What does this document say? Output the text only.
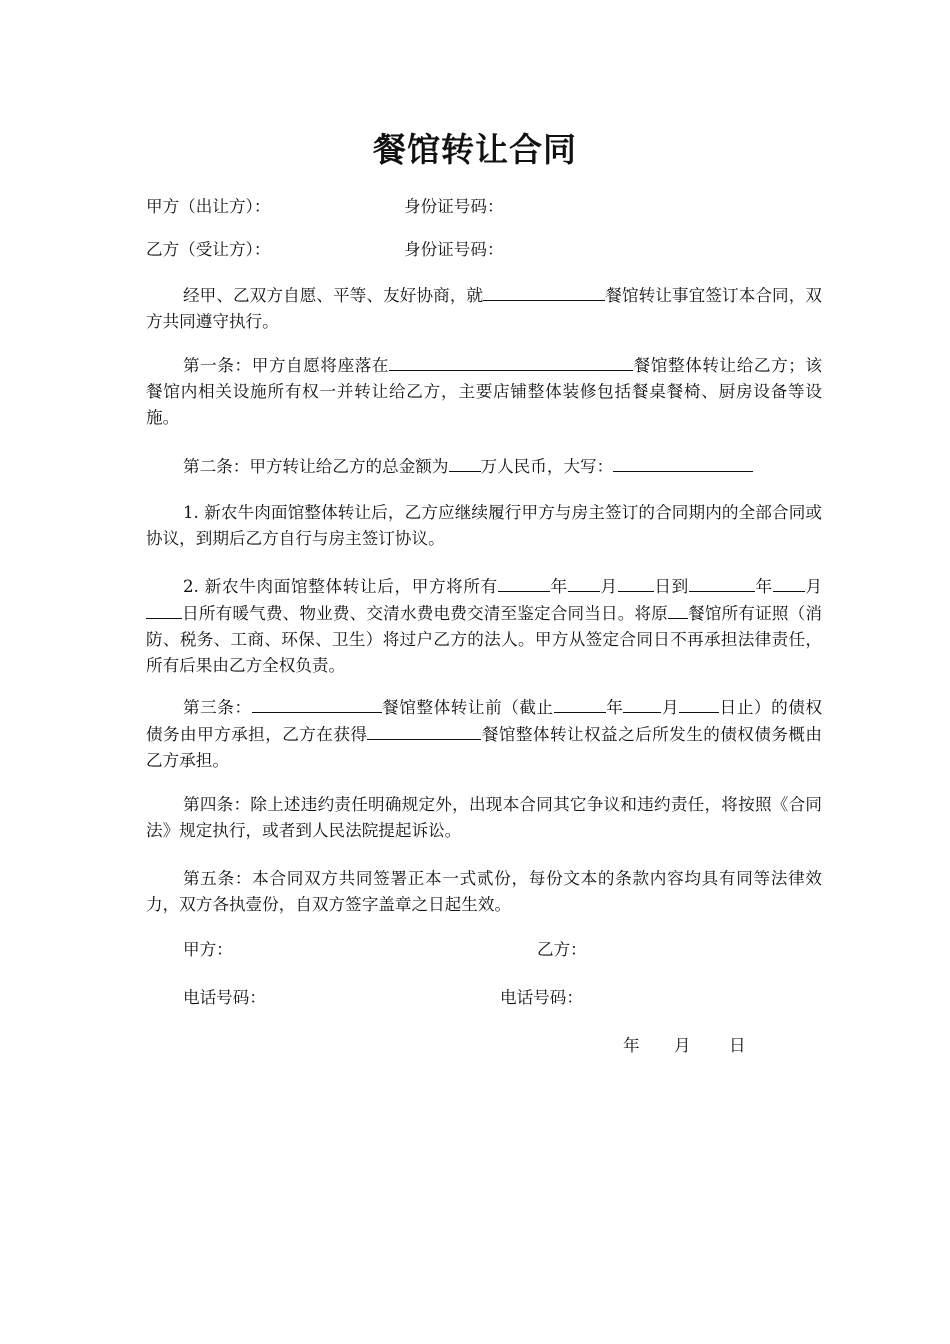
餐馆转让合同
甲方（出让方）：	身份证号码：
乙方（受让方）：	身份证号码：
经甲、乙双方自愿、平等、友好协商，就	餐馆转让事宜签订本合同，双方共同遵守执行。
第一条：甲方自愿将座落在	餐馆整体转让给乙方；该餐馆内相关设施所有权一并转让给乙方，主要店铺整体装修包括餐桌餐椅、厨房设备等设施。
第二条：甲方转让给乙方的总金额为 万人民币，大写：
1. 新农牛肉面馆整体转让后，乙方应继续履行甲方与房主签订的合同期内的全部合同或协议，到期后乙方自行与房主签订协议。
2. 新农牛肉面馆整体转让后，甲方将所有	年 月 日到	年 月日所有暖气费、物业费、交清水费电费交清至鉴定合同当日。将原 餐馆所有证照（消防、税务、工商、环保、卫生）将过户乙方的法人。甲方从签定合同日不再承担法律责任，所有后果由乙方全权负责。
第三条：	餐馆整体转让前（截止	年 月 日止）的债权债务由甲方承担，乙方在获得	餐馆整体转让权益之后所发生的债权债务概由乙方承担。
第四条：除上述违约责任明确规定外，出现本合同其它争议和违约责任，将按照《合同法》规定执行，或者到人民法院提起诉讼。
第五条：本合同双方共同签署正本一式贰份，每份文本的条款内容均具有同等法律效力，双方各执壹份，自双方签字盖章之日起生效。
甲方：	乙方：
电话号码：	电话号码：
年 月 日
